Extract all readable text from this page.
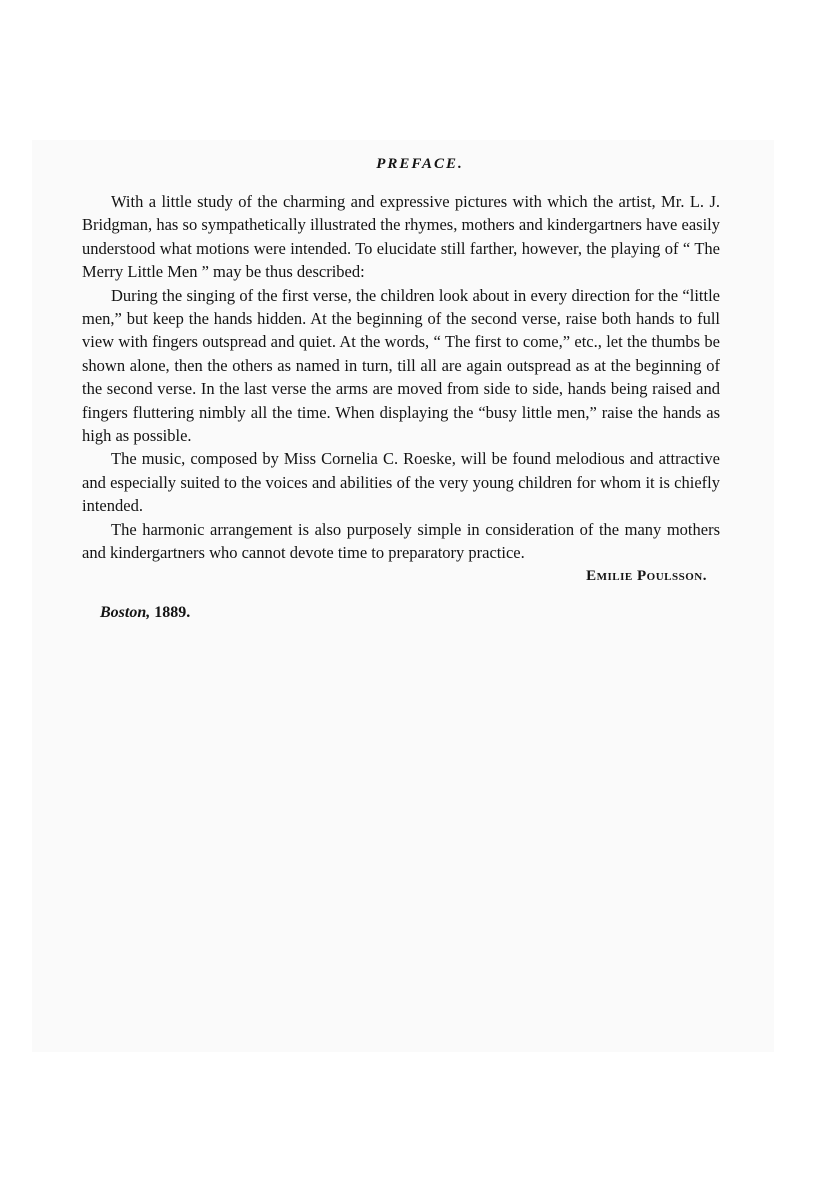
PREFACE.

With a little study of the charming and expressive pictures with which the artist, Mr. L. J. Bridgman, has so sympathetically illustrated the rhymes, mothers and kindergartners have easily understood what motions were intended. To elucidate still farther, however, the playing of “ The Merry Little Men ” may be thus described:

During the singing of the first verse, the children look about in every direction for the “little men,” but keep the hands hidden. At the beginning of the second verse, raise both hands to full view with fingers outspread and quiet. At the words, “ The first to come,” etc., let the thumbs be shown alone, then the others as named in turn, till all are again outspread as at the beginning of the second verse. In the last verse the arms are moved from side to side, hands being raised and fingers fluttering nimbly all the time. When displaying the “busy little men,” raise the hands as high as possible.

The music, composed by Miss Cornelia C. Roeske, will be found melodious and attractive and especially suited to the voices and abilities of the very young children for whom it is chiefly intended.

The harmonic arrangement is also purposely simple in consideration of the many mothers and kindergartners who cannot devote time to preparatory practice.

Emilie Poulsson.

Boston, 1889.
